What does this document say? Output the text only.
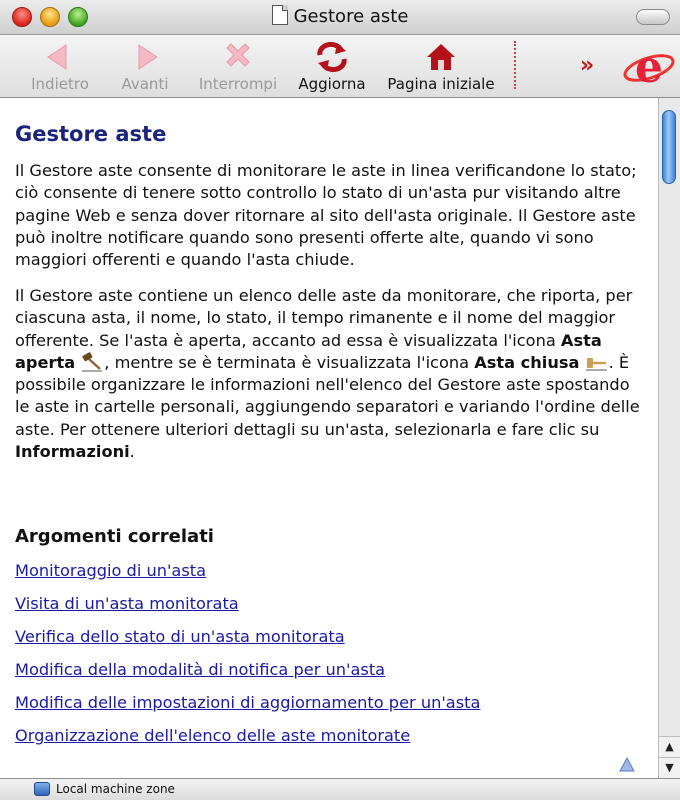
Gestore aste
Indietro	Avanti	Interrompi	Aggiorna	Pagina iniziale
» e
Gestore aste

Il Gestore aste consente di monitorare le aste in linea verificandone lo stato; ciò consente di tenere sotto controllo lo stato di un'asta pur visitando altre pagine Web e senza dover ritornare al sito dell'asta originale. Il Gestore aste può inoltre notificare quando sono presenti offerte alte, quando vi sono maggiori offerenti e quando l'asta chiude.

Il Gestore aste contiene un elenco delle aste da monitorare, che riporta, per ciascuna asta, il nome, lo stato, il tempo rimanente e il nome del maggior offerente. Se l'asta è aperta, accanto ad essa è visualizzata l'icona Asta aperta , mentre se è terminata è visualizzata l'icona Asta chiusa . È possibile organizzare le informazioni nell'elenco del Gestore aste spostando le aste in cartelle personali, aggiungendo separatori e variando l'ordine delle aste. Per ottenere ulteriori dettagli su un'asta, selezionarla e fare clic su Informazioni.

Argomenti correlati
Monitoraggio di un'asta
Visita di un'asta monitorata
Verifica dello stato di un'asta monitorata
Modifica della modalità di notifica per un'asta
Modifica delle impostazioni di aggiornamento per un'asta
Organizzazione dell'elenco delle aste monitorate
▲
▼
Local machine zone
